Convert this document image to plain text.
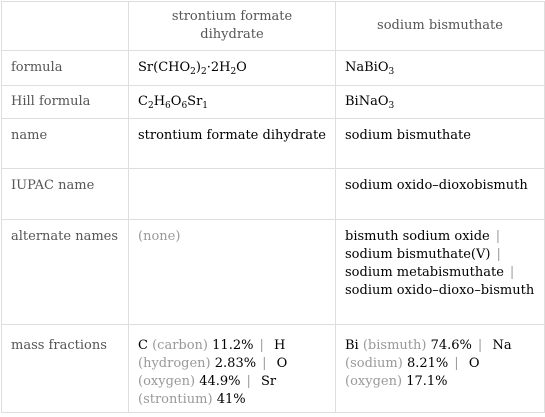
	strontium formate dihydrate	sodium bismuthate
formula	$Sr(CHO_2)_2\cdot 2H_2O$	NaBiO$_3$
Hill formula	$C_2H_6O_6Sr_1$	BiNaO$_3$
name	strontium formate dihydrate	sodium bismuthate
IUPAC name		sodium oxido–dioxobismuth
alternate names	(none)	bismuth sodium oxide | sodium bismuthate(V) | sodium metabismuthate | sodium oxido–dioxo–bismuth
mass fractions	C (carbon) 11.2% | H (hydrogen) 2.83% | O (oxygen) 44.9% | Sr (strontium) 41%	Bi (bismuth) 74.6% | Na (sodium) 8.21% | O (oxygen) 17.1%
